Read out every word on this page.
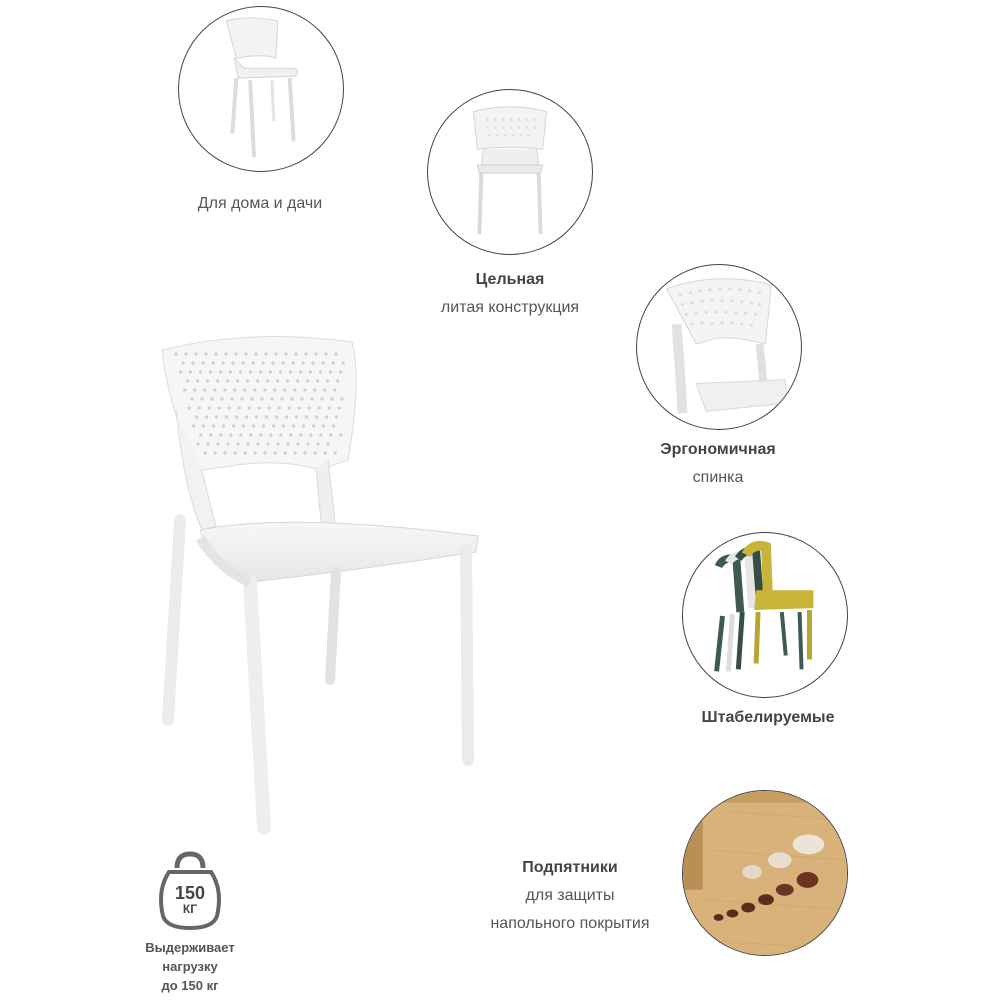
Для дома и дачи
Цельная
литая конструкция
Эргономичная
спинка
Штабелируемые
Подпятники
для защиты
напольного покрытия
150
КГ
Выдерживает
нагрузку
до 150 кг
